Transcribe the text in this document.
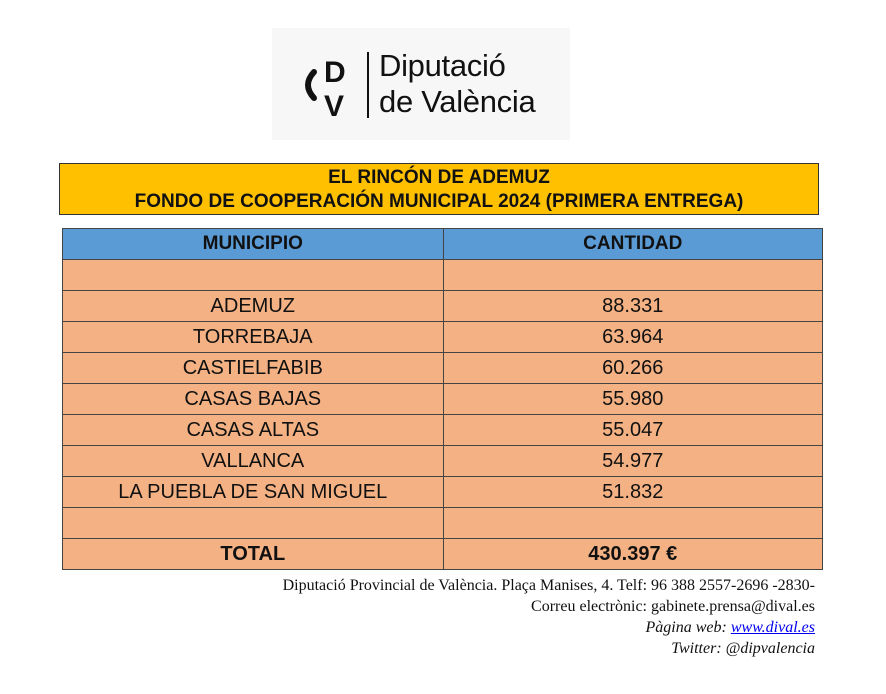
D
V
Diputació
de València
EL RINCÓN DE ADEMUZ
FONDO DE COOPERACIÓN MUNICIPAL 2024 (PRIMERA ENTREGA)
MUNICIPIO	CANTIDAD

ADEMUZ	88.331
TORREBAJA	63.964
CASTIELFABIB	60.266
CASAS BAJAS	55.980
CASAS ALTAS	55.047
VALLANCA	54.977
LA PUEBLA DE SAN MIGUEL	51.832

TOTAL	430.397 €
Diputació Provincial de València. Plaça Manises, 4. Telf: 96 388 2557-2696 -2830-
Correu electrònic: gabinete.prensa@dival.es
Pàgina web: www.dival.es
Twitter: @dipvalencia
